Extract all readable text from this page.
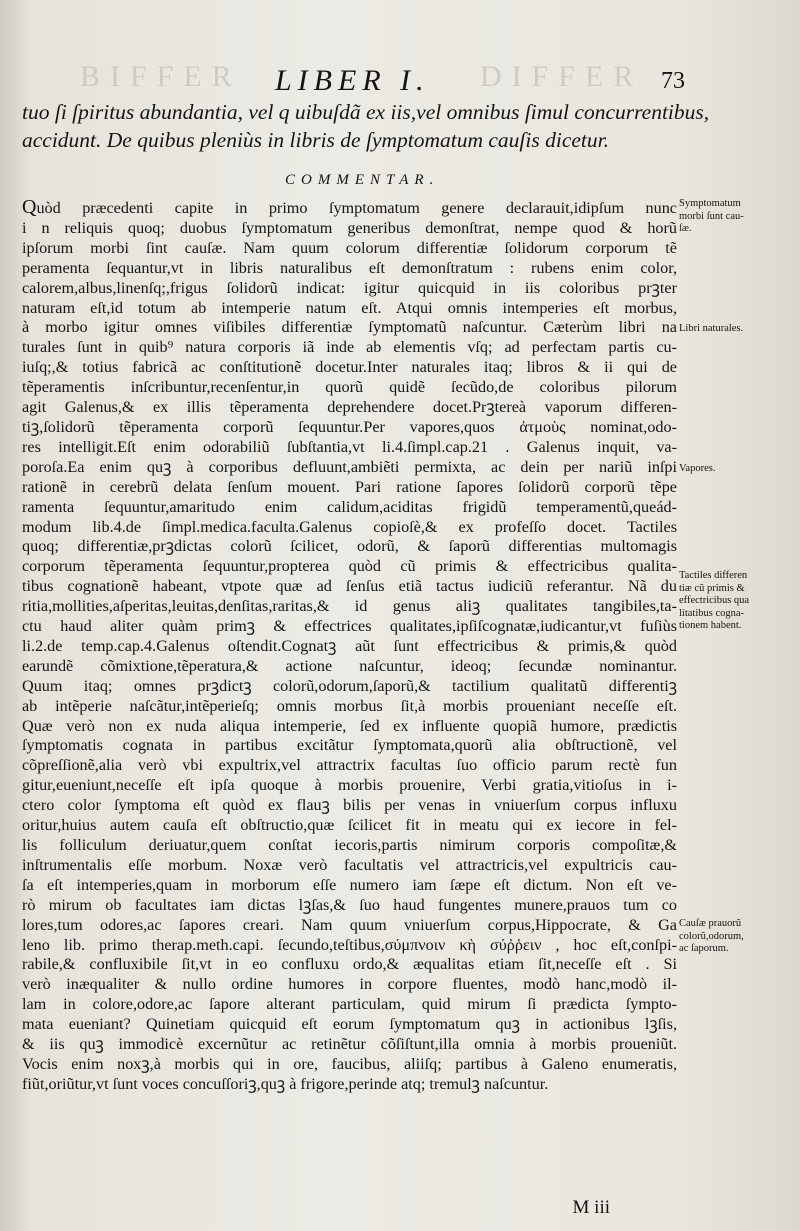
BIFFER	DIFFER
LIBER I.	73
tuo ſi ſpiritus abundantia, vel q uibuſdã ex iis,vel omnibus ſimul concurrentibus,
accidunt. De quibus pleniùs in libris de ſymptomatum cauſis dicetur.
COMMENTAR.
Quòd præcedenti capite in primo ſymptomatum genere declarauit,idipſum nunc
i n reliquis quoq; duobus ſymptomatum generibus demonſtrat, nempe quod & horũ
ipſorum morbi ſint cauſæ. Nam quum colorum differentiæ ſolidorum corporum tẽ
peramenta ſequantur,vt in libris naturalibus eſt demonſtratum : rubens enim color,
calorem,albus,linenſq;,frigus ſolidorũ indicat: igitur quicquid in iis coloribus prꝫter
naturam eſt,id totum ab intemperie natum eſt. Atqui omnis intemperies eſt morbus,
à morbo igitur omnes viſibiles differentiæ ſymptomatũ naſcuntur. Cæterùm libri na
turales ſunt in quib⁹ natura corporis iã inde ab elementis vſq; ad perfectam partis cu-
iuſq;,& totius fabricã ac conſtitutionẽ docetur.Inter naturales itaq; libros & ii qui de
tẽperamentis inſcribuntur,recenſentur,in quorũ quidẽ ſecũdo,de coloribus pilorum
agit Galenus,& ex illis tẽperamenta deprehendere docet.Prꝫtereà vaporum differen-
tiꝫ,ſolidorũ tẽperamenta corporũ ſequuntur.Per vapores,quos ἀτμοὺς nominat,odo-
res intelligit.Eſt enim odorabiliũ ſubſtantia,vt li.4.ſimpl.cap.21 . Galenus inquit, va-
poroſa.Ea enim quꝫ à corporibus defluunt,ambiẽti permixta, ac dein per nariũ inſpi
rationẽ in cerebrũ delata ſenſum mouent. Pari ratione ſapores ſolidorũ corporũ tẽpe
ramenta ſequuntur,amaritudo enim calidum,aciditas frigidũ temperamentũ,queád-
modum lib.4.de ſimpl.medica.faculta.Galenus copioſè,& ex profeſſo docet. Tactiles
quoq; differentiæ,prꝫdictas colorũ ſcilicet, odorũ, & ſaporũ differentias multomagis
corporum tẽperamenta ſequuntur,propterea quòd cũ primis & effectricibus qualita-
tibus cognationẽ habeant, vtpote quæ ad ſenſus etiã tactus iudiciũ referantur. Nã du
ritia,mollities,aſperitas,leuitas,denſitas,raritas,& id genus aliꝫ qualitates tangibiles,ta-
ctu haud aliter quàm primꝫ & effectrices qualitates,ipſiſcognatæ,iudicantur,vt fuſiùs
li.2.de temp.cap.4.Galenus oſtendit.Cognatꝫ aũt ſunt effectricibus & primis,& quòd
earundẽ cõmixtione,tẽperatura,& actione naſcuntur, ideoq; ſecundæ nominantur.
Quum itaq; omnes prꝫdictꝫ colorũ,odorum,ſaporũ,& tactilium qualitatũ differentiꝫ
ab intẽperie naſcãtur,intẽperieſq; omnis morbus ſit,à morbis proueniant neceſſe eſt.
Quæ verò non ex nuda aliqua intemperie, ſed ex influente quopiã humore, prædictis
ſymptomatis cognata in partibus excitãtur ſymptomata,quorũ alia obſtructionẽ, vel
cõpreſſionẽ,alia verò vbi expultrix,vel attractrix facultas ſuo officio parum rectè fun
gitur,eueniunt,neceſſe eſt ipſa quoque à morbis prouenire, Verbi gratia,vitioſus in i-
ctero color ſymptoma eſt quòd ex flauꝫ bilis per venas in vniuerſum corpus influxu
oritur,huius autem cauſa eſt obſtructio,quæ ſcilicet fit in meatu qui ex iecore in fel-
lis folliculum deriuatur,quem conſtat iecoris,partis nimirum corporis compoſitæ,&
inſtrumentalis eſſe morbum. Noxæ verò facultatis vel attractricis,vel expultricis cau-
ſa eſt intemperies,quam in morborum eſſe numero iam ſæpe eſt dictum. Non eſt ve-
rò mirum ob facultates iam dictas lꝫſas,& ſuo haud fungentes munere,prauos tum co
lores,tum odores,ac ſapores creari. Nam quum vniuerſum corpus,Hippocrate, & Ga
leno lib. primo therap.meth.capi. ſecundo,teſtibus,σύμπνοιν κὴ σύῤῥειν , hoc eſt,conſpi-
rabile,& confluxibile ſit,vt in eo confluxu ordo,& æqualitas etiam ſit,neceſſe eſt . Si
verò inæqualiter & nullo ordine humores in corpore fluentes, modò hanc,modò il-
lam in colore,odore,ac ſapore alterant particulam, quid mirum ſi prædicta ſympto-
mata eueniant? Quinetiam quicquid eſt eorum ſymptomatum quꝫ in actionibus lꝫſis,
& iis quꝫ immodicè excernũtur ac retinẽtur cõſiſtunt,illa omnia à morbis proueniũt.
Vocis enim noxꝫ,à morbis qui in ore, faucibus, aliiſq; partibus à Galeno enumeratis,
fiũt,oriũtur,vt ſunt voces concuſſoriꝫ,quꝫ à frigore,perinde atq; tremulꝫ naſcuntur.
Symptomatum
morbi ſunt cau-
ſæ.
Libri naturales.
Vapores.
Tactiles differen
tiæ cũ primis &
effectricibus qua
litatibus cogna-
tionem habent.
Cauſæ prauorũ
colorũ,odorum,
ac ſaporum.
M iii
